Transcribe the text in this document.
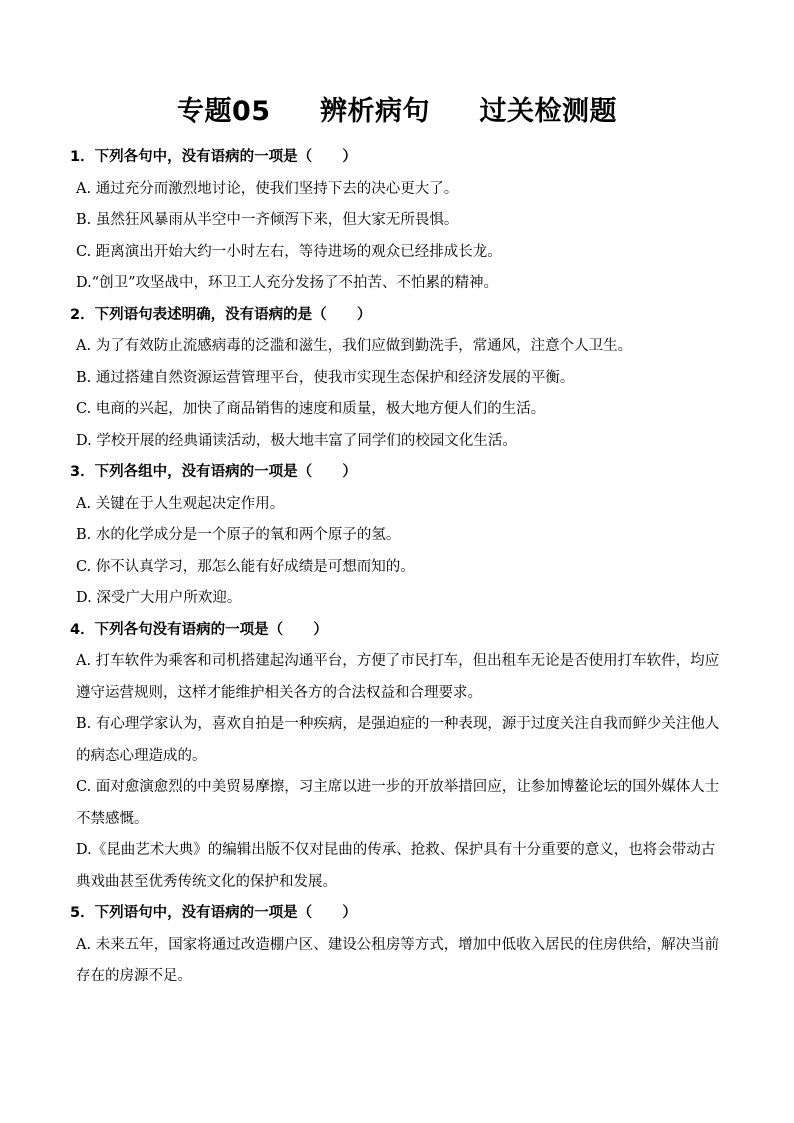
专题05     辨析病句     过关检测题
1．下列各句中，没有语病的一项是（      ）
A. 通过充分而激烈地讨论，使我们坚持下去的决心更大了。
B. 虽然狂风暴雨从半空中一齐倾泻下来，但大家无所畏惧。
C. 距离演出开始大约一小时左右，等待进场的观众已经排成长龙。
D.“创卫”攻坚战中，环卫工人充分发扬了不拍苦、不怕累的精神。
2．下列语句表述明确，没有语病的是（      ）
A. 为了有效防止流感病毒的泛滥和滋生，我们应做到勤洗手，常通风，注意个人卫生。
B. 通过搭建自然资源运营管理平台，使我市实现生态保护和经济发展的平衡。
C. 电商的兴起，加快了商品销售的速度和质量，极大地方便人们的生活。
D. 学校开展的经典诵读活动，极大地丰富了同学们的校园文化生活。
3．下列各组中，没有语病的一项是（      ）
A. 关键在于人生观起决定作用。
B. 水的化学成分是一个原子的氧和两个原子的氢。
C. 你不认真学习，那怎么能有好成绩是可想而知的。
D. 深受广大用户所欢迎。
4．下列各句没有语病的一项是（      ）
A. 打车软件为乘客和司机搭建起沟通平台，方便了市民打车，但出租车无论是否使用打车软件，均应遵守运营规则，这样才能维护相关各方的合法权益和合理要求。
B. 有心理学家认为，喜欢自拍是一种疾病，是强迫症的一种表现，源于过度关注自我而鲜少关注他人的病态心理造成的。
C. 面对愈演愈烈的中美贸易摩擦，习主席以进一步的开放举措回应，让参加博鳌论坛的国外媒体人士不禁感慨。
D.《昆曲艺术大典》的编辑出版不仅对昆曲的传承、抢救、保护具有十分重要的意义，也将会带动古典戏曲甚至优秀传统文化的保护和发展。
5．下列语句中，没有语病的一项是（      ）
A. 未来五年，国家将通过改造棚户区、建设公租房等方式，增加中低收入居民的住房供给，解决当前存在的房源不足。
